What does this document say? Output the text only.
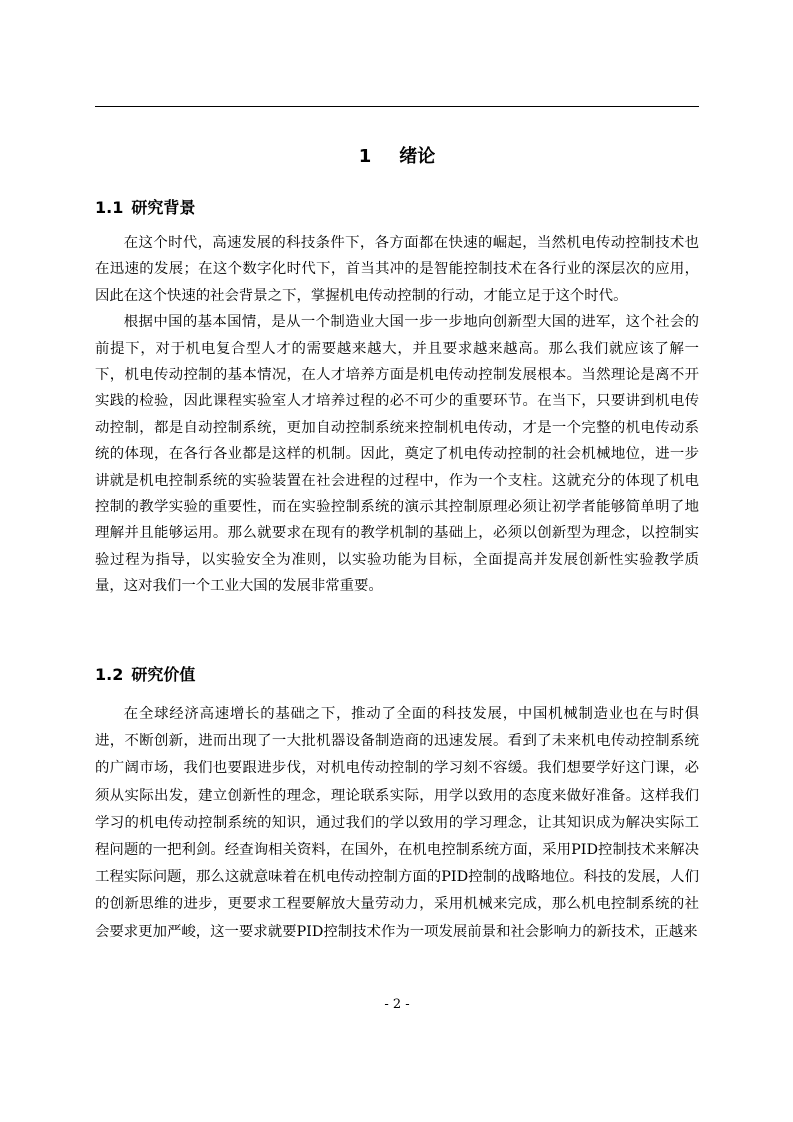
1 绪论
1.1 研究背景

在这个时代，高速发展的科技条件下，各方面都在快速的崛起，当然机电传动控制技术也在迅速的发展；在这个数字化时代下，首当其冲的是智能控制技术在各行业的深层次的应用，因此在这个快速的社会背景之下，掌握机电传动控制的行动，才能立足于这个时代。

根据中国的基本国情，是从一个制造业大国一步一步地向创新型大国的进军，这个社会的前提下，对于机电复合型人才的需要越来越大，并且要求越来越高。那么我们就应该了解一下，机电传动控制的基本情况，在人才培养方面是机电传动控制发展根本。当然理论是离不开实践的检验，因此课程实验室人才培养过程的必不可少的重要环节。在当下，只要讲到机电传动控制，都是自动控制系统，更加自动控制系统来控制机电传动，才是一个完整的机电传动系统的体现，在各行各业都是这样的机制。因此，奠定了机电传动控制的社会机械地位，进一步讲就是机电控制系统的实验装置在社会进程的过程中，作为一个支柱。这就充分的体现了机电控制的教学实验的重要性，而在实验控制系统的演示其控制原理必须让初学者能够简单明了地理解并且能够运用。那么就要求在现有的教学机制的基础上，必须以创新型为理念，以控制实验过程为指导，以实验安全为准则，以实验功能为目标，全面提高并发展创新性实验教学质量，这对我们一个工业大国的发展非常重要。

1.2 研究价值

在全球经济高速增长的基础之下，推动了全面的科技发展，中国机械制造业也在与时俱进，不断创新，进而出现了一大批机器设备制造商的迅速发展。看到了未来机电传动控制系统的广阔市场，我们也要跟进步伐，对机电传动控制的学习刻不容缓。我们想要学好这门课，必须从实际出发，建立创新性的理念，理论联系实际，用学以致用的态度来做好准备。这样我们学习的机电传动控制系统的知识，通过我们的学以致用的学习理念，让其知识成为解决实际工程问题的一把利剑。经查询相关资料，在国外，在机电控制系统方面，采用PID控制技术来解决工程实际问题，那么这就意味着在机电传动控制方面的PID控制的战略地位。科技的发展，人们的创新思维的进步，更要求工程要解放大量劳动力，采用机械来完成，那么机电控制系统的社会要求更加严峻，这一要求就要PID控制技术作为一项发展前景和社会影响力的新技术，正越来

- 2 -
